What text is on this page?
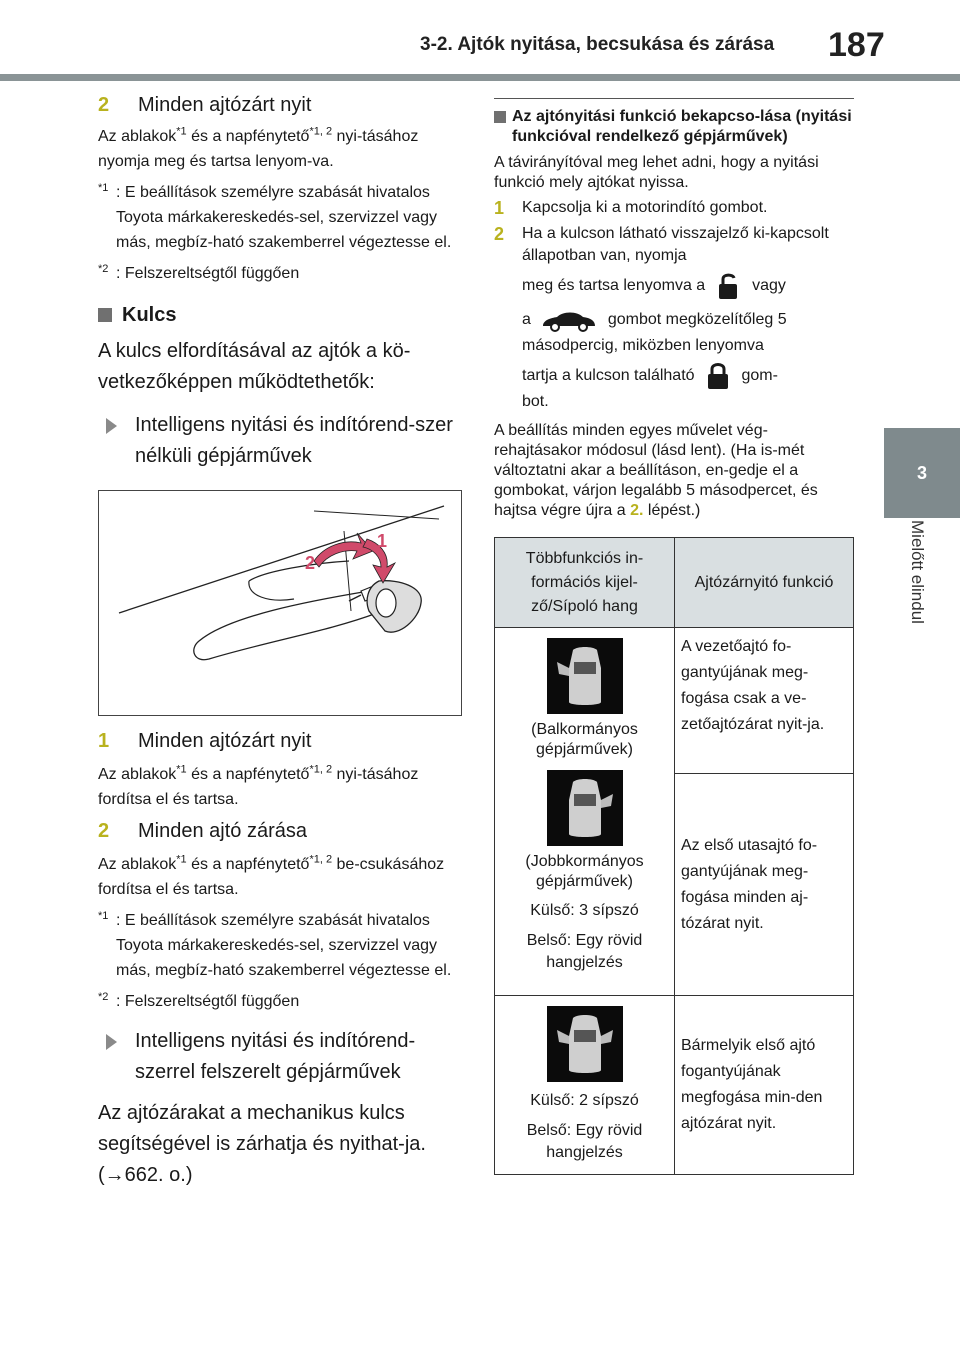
3-2. Ajtók nyitása, becsukása és zárása 187
3
Mielőtt elindul
2	Minden ajtózárt nyit

Az ablakok$^{*1}$ és a napfénytető$^{*1, 2}$ nyi-tásához nyomja meg és tartsa lenyom-va.

$^{*1}$ : E beállítások személyre szabását hivatalos Toyota márkakereskedés-sel, szervizzel vagy más, megbíz-ható szakemberrel végeztesse el.

$^{*2}$ : Felszereltségtől függően

Kulcs

A kulcs elfordításával az ajtók a kö-vetkezőképpen működtethetők:

Intelligens nyitási és indítórend-szer nélküli gépjárművek
1
2
1	Minden ajtózárt nyit

Az ablakok$^{*1}$ és a napfénytető$^{*1, 2}$ nyi-tásához fordítsa el és tartsa.

2	Minden ajtó zárása

Az ablakok$^{*1}$ és a napfénytető$^{*1, 2}$ be-csukásához fordítsa el és tartsa.

$^{*1}$ : E beállítások személyre szabását hivatalos Toyota márkakereskedés-sel, szervizzel vagy más, megbíz-ható szakemberrel végeztesse el.

$^{*2}$ : Felszereltségtől függően

Intelligens nyitási és indítórend-szerrel felszerelt gépjárművek

Az ajtózárakat a mechanikus kulcs segítségével is zárhatja és nyithat-ja. (→662. o.)

Az ajtónyitási funkció bekapcso-lása (nyitási funkcióval rendelkező gépjárművek)

A távirányítóval meg lehet adni, hogy a nyitási funkció mely ajtókat nyissa.

1	Kapcsolja ki a motorindító gombot.
2	Ha a kulcson látható visszajelző ki-kapcsolt állapotban van, nyomja
meg és tartsa lenyomva a	vagy
a	gombot megközelítőleg 5
másodpercig, miközben lenyomva
tartja a kulcson található	gom-
bot.

A beállítás minden egyes művelet vég-rehajtásakor módosul (lásd lent). (Ha is-mét változtatni akar a beállításon, en-gedje el a gombokat, várjon legalább 5 másodpercet, és hajtsa végre újra a 2. lépést.)

Többfunkciós in-formációs kijel-ző/Sípoló hang	Ajtózárnyitó funkció

(Balkormányos gépjárművek)
(Jobbkormányos gépjárművek)
Külső: 3 sípszó
Belső: Egy rövid hangjelzés	A vezetőajtó fo-gantyújának meg-fogása csak a ve-zetőajtózárat nyit-ja.
	Az első utasajtó fo-gantyújának meg-fogása minden aj-tózárat nyit.

Külső: 2 sípszó
Belső: Egy rövid hangjelzés	Bármelyik első ajtó fogantyújának megfogása min-den ajtózárat nyit.
